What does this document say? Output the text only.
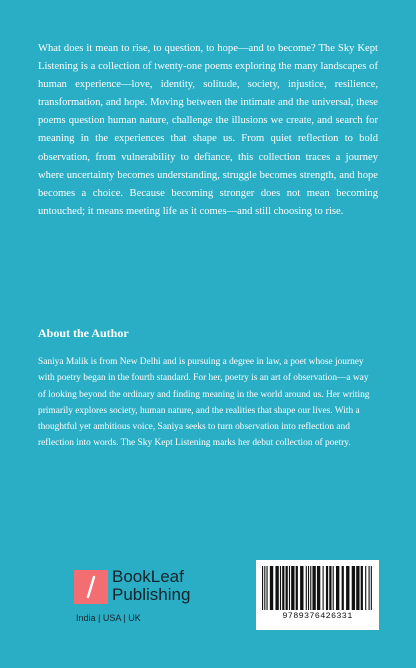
What does it mean to rise, to question, to hope—and to become? The Sky Kept Listening is a collection of twenty-one poems exploring the many landscapes of human experience—love, identity, solitude, society, injustice, resilience, transformation, and hope. Moving between the intimate and the universal, these poems question human nature, challenge the illusions we create, and search for meaning in the experiences that shape us. From quiet reflection to bold observation, from vulnerability to defiance, this collection traces a journey where uncertainty becomes understanding, struggle becomes strength, and hope becomes a choice. Because becoming stronger does not mean becoming untouched; it means meeting life as it comes—and still choosing to rise.

About the Author

Saniya Malik is from New Delhi and is pursuing a degree in law, a poet whose journey with poetry began in the fourth standard. For her, poetry is an art of observation—a way of looking beyond the ordinary and finding meaning in the world around us. Her writing primarily explores society, human nature, and the realities that shape our lives. With a thoughtful yet ambitious voice, Saniya seeks to turn observation into reflection and reflection into words. The Sky Kept Listening marks her debut collection of poetry.

BookLeaf
Publishing
India | USA | UK	9789376426331
